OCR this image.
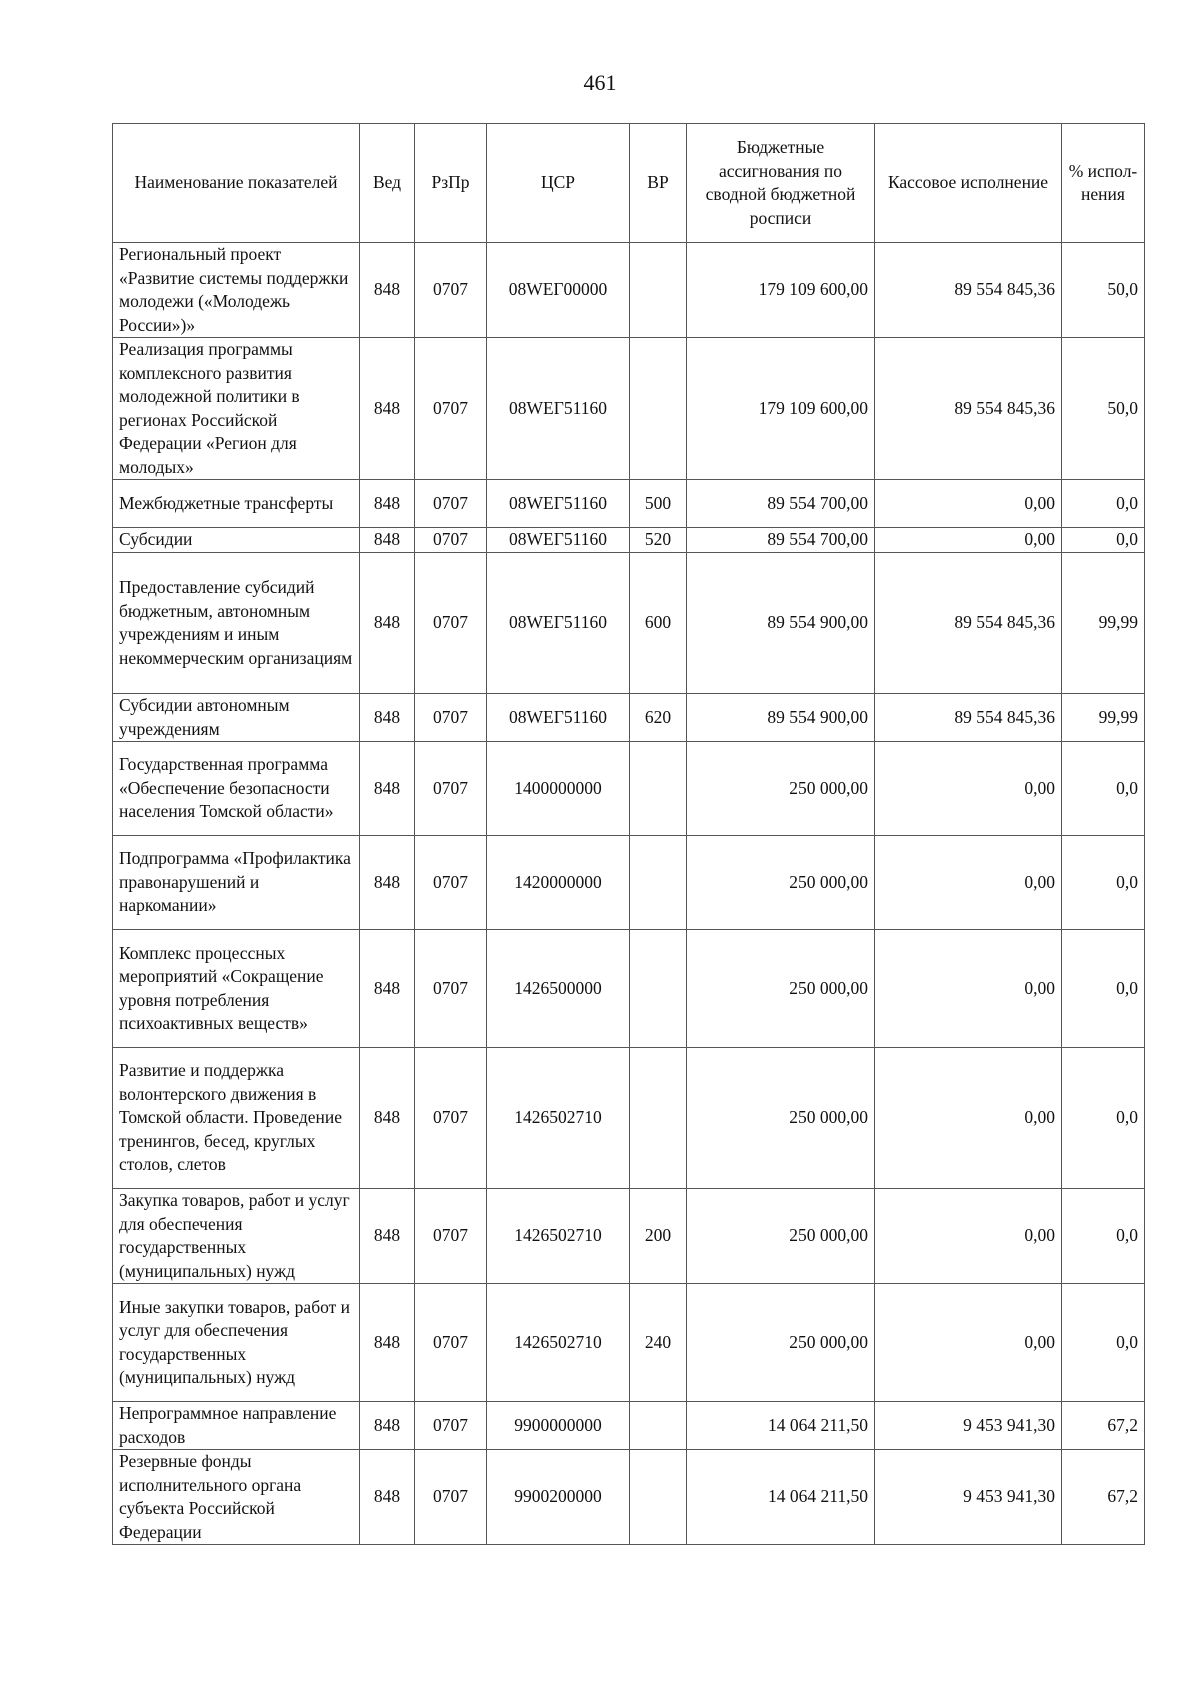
461
Наименование показателей	Вед	РзПр	ЦСР	ВР	Бюджетные ассигнования по сводной бюджетной росписи	Кассовое исполнение	% испол-нения
Региональный проект «Развитие системы поддержки молодежи («Молодежь России»)»	848	0707	08WEГ00000		179 109 600,00	89 554 845,36	50,0
Реализация программы комплексного развития молодежной политики в регионах Российской Федерации «Регион для молодых»	848	0707	08WEГ51160		179 109 600,00	89 554 845,36	50,0
Межбюджетные трансферты	848	0707	08WEГ51160	500	89 554 700,00	0,00	0,0
Субсидии	848	0707	08WEГ51160	520	89 554 700,00	0,00	0,0
Предоставление субсидий бюджетным, автономным учреждениям и иным некоммерческим организациям	848	0707	08WEГ51160	600	89 554 900,00	89 554 845,36	99,99
Субсидии автономным учреждениям	848	0707	08WEГ51160	620	89 554 900,00	89 554 845,36	99,99
Государственная программа «Обеспечение безопасности населения Томской области»	848	0707	1400000000		250 000,00	0,00	0,0
Подпрограмма «Профилактика правонарушений и наркомании»	848	0707	1420000000		250 000,00	0,00	0,0
Комплекс процессных мероприятий «Сокращение уровня потребления психоактивных веществ»	848	0707	1426500000		250 000,00	0,00	0,0
Развитие и поддержка волонтерского движения в Томской области. Проведение тренингов, бесед, круглых столов, слетов	848	0707	1426502710		250 000,00	0,00	0,0
Закупка товаров, работ и услуг для обеспечения государственных (муниципальных) нужд	848	0707	1426502710	200	250 000,00	0,00	0,0
Иные закупки товаров, работ и услуг для обеспечения государственных (муниципальных) нужд	848	0707	1426502710	240	250 000,00	0,00	0,0
Непрограммное направление расходов	848	0707	9900000000		14 064 211,50	9 453 941,30	67,2
Резервные фонды исполнительного органа субъекта Российской Федерации	848	0707	9900200000		14 064 211,50	9 453 941,30	67,2
